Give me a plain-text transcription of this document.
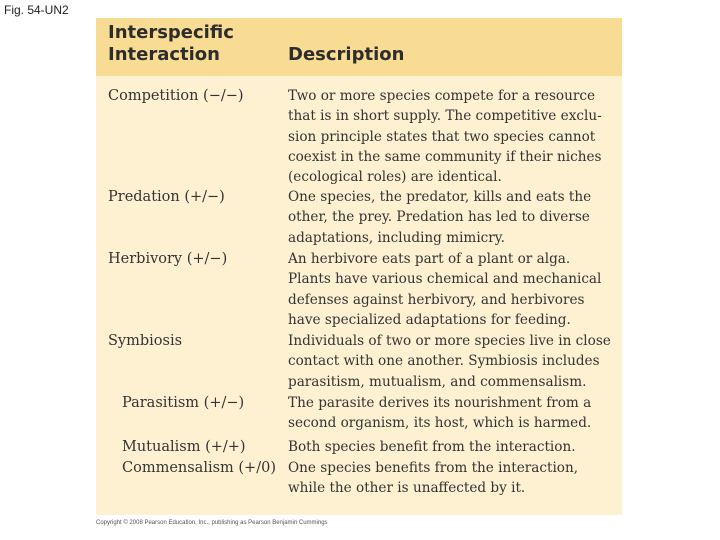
Fig. 54-UN2
Interspecific
Interaction	Description
Competition (−/−)	Two or more species compete for a resource
that is in short supply. The competitive exclu-
sion principle states that two species cannot
coexist in the same community if their niches
(ecological roles) are identical.
Predation (+/−)	One species, the predator, kills and eats the
other, the prey. Predation has led to diverse
adaptations, including mimicry.
Herbivory (+/−)	An herbivore eats part of a plant or alga.
Plants have various chemical and mechanical
defenses against herbivory, and herbivores
have specialized adaptations for feeding.
Symbiosis	Individuals of two or more species live in close
contact with one another. Symbiosis includes
parasitism, mutualism, and commensalism.
Parasitism (+/−)	The parasite derives its nourishment from a
second organism, its host, which is harmed.
Mutualism (+/+)	Both species benefit from the interaction.
Commensalism (+/0) One species benefits from the interaction,
while the other is unaffected by it.
Copyright © 2008 Pearson Education, Inc., publishing as Pearson Benjamin Cummings
